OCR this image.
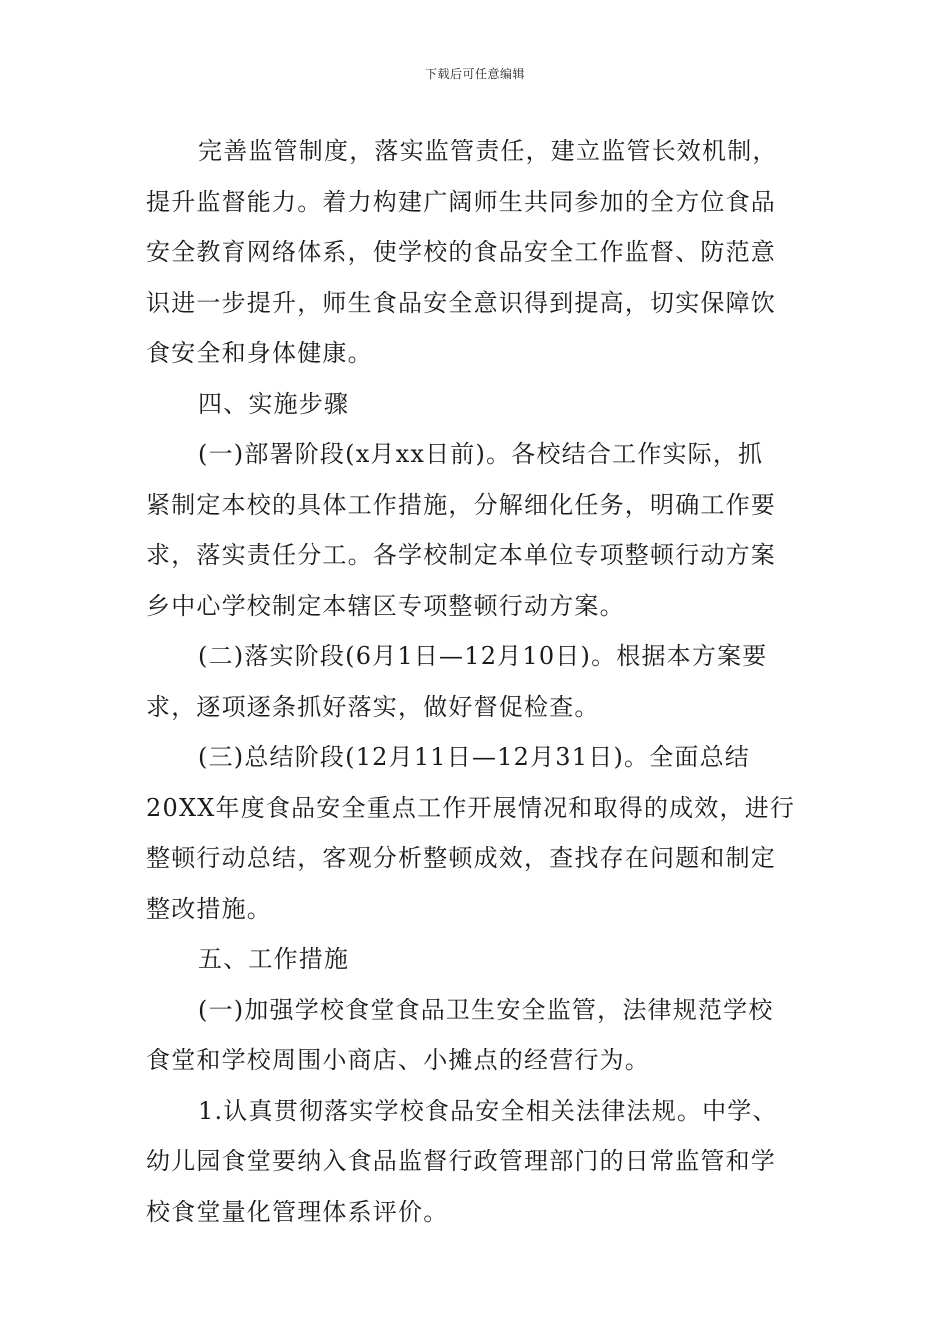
下载后可任意编辑
完善监管制度，落实监管责任，建立监管长效机制，
提升监督能力。着力构建广阔师生共同参加的全方位食品
安全教育网络体系，使学校的食品安全工作监督、防范意
识进一步提升，师生食品安全意识得到提高，切实保障饮
食安全和身体健康。
四、实施步骤
(一)部署阶段(x月xx日前)。各校结合工作实际，抓
紧制定本校的具体工作措施，分解细化任务，明确工作要
求，落实责任分工。各学校制定本单位专项整顿行动方案
乡中心学校制定本辖区专项整顿行动方案。
(二)落实阶段(6月1日—12月10日)。根据本方案要
求，逐项逐条抓好落实，做好督促检查。
(三)总结阶段(12月11日—12月31日)。全面总结
20XX年度食品安全重点工作开展情况和取得的成效，进行
整顿行动总结，客观分析整顿成效，查找存在问题和制定
整改措施。
五、工作措施
(一)加强学校食堂食品卫生安全监管，法律规范学校
食堂和学校周围小商店、小摊点的经营行为。
1.认真贯彻落实学校食品安全相关法律法规。中学、
幼儿园食堂要纳入食品监督行政管理部门的日常监管和学
校食堂量化管理体系评价。
